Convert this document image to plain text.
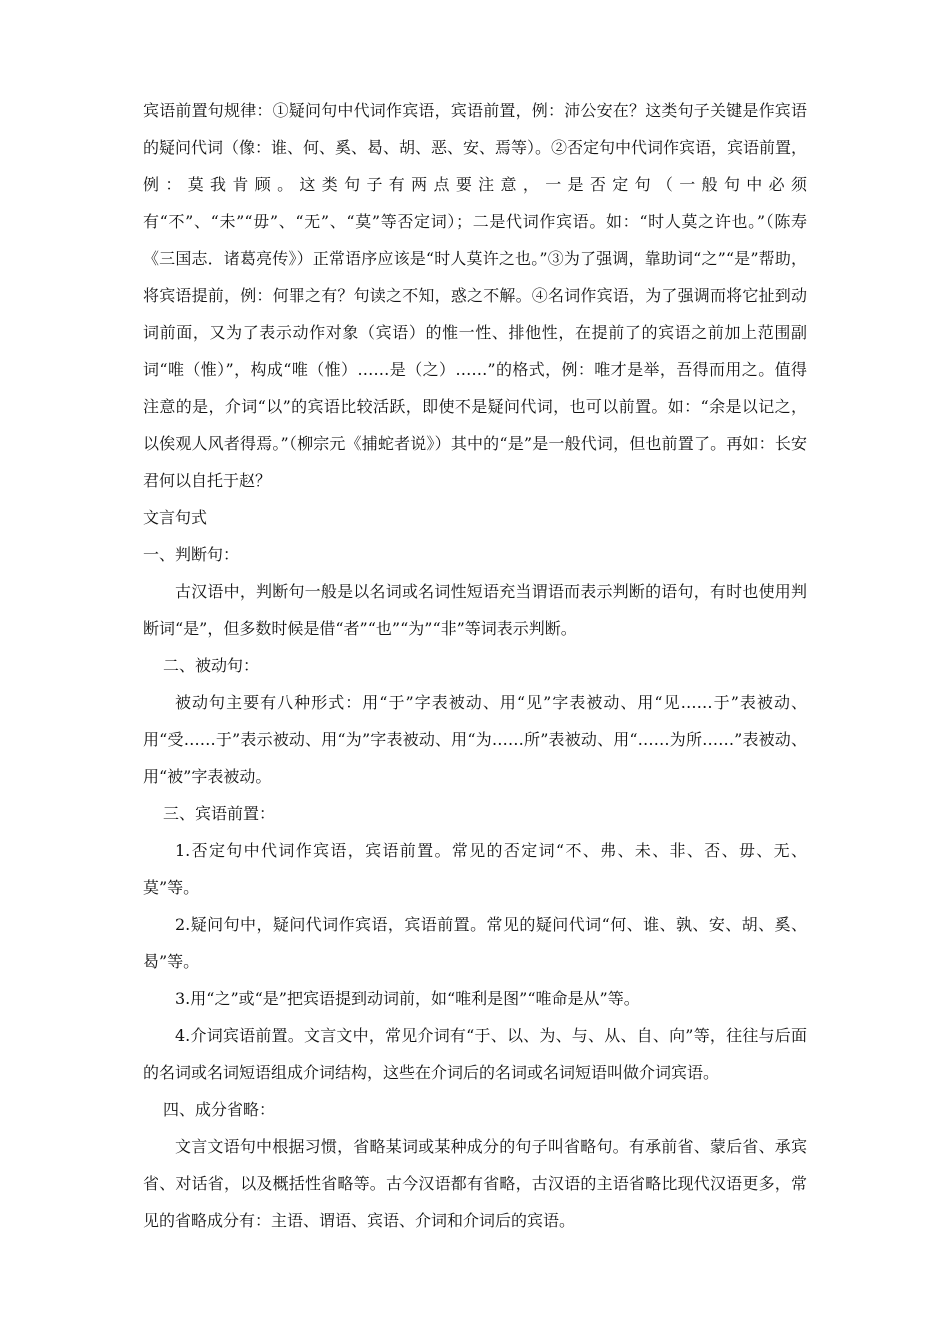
宾语前置句规律：①疑问句中代词作宾语，宾语前置，例：沛公安在？这类句子关键是作宾语的疑问代词（像：谁、何、奚、曷、胡、恶、安、焉等）。②否定句中代词作宾语，宾语前置，例：莫我肯顾。这类句子有两点要注意，一是否定句（一般句中必须有“不”、“未”“毋”、“无”、“莫”等否定词）；二是代词作宾语。如：“时人莫之许也。”（陈寿《三国志．诸葛亮传》）正常语序应该是“时人莫许之也。”③为了强调，靠助词“之”“是”帮助，将宾语提前，例：何罪之有？句读之不知，惑之不解。④名词作宾语，为了强调而将它扯到动词前面，又为了表示动作对象（宾语）的惟一性、排他性，在提前了的宾语之前加上范围副词“唯（惟）”，构成“唯（惟）……是（之）……”的格式，例：唯才是举，吾得而用之。值得注意的是，介词“以”的宾语比较活跃，即使不是疑问代词，也可以前置。如：“余是以记之，以俟观人风者得焉。”（柳宗元《捕蛇者说》）其中的“是”是一般代词，但也前置了。再如：长安君何以自托于赵？

文言句式

一、判断句：

古汉语中，判断句一般是以名词或名词性短语充当谓语而表示判断的语句，有时也使用判断词“是”，但多数时候是借“者”“也”“为”“非”等词表示判断。

二、被动句：

被动句主要有八种形式：用“于”字表被动、用“见”字表被动、用“见……于”表被动、用“受……于”表示被动、用“为”字表被动、用“为……所”表被动、用“……为所……”表被动、用“被”字表被动。

三、宾语前置：

1.否定句中代词作宾语，宾语前置。常见的否定词“不、弗、未、非、否、毋、无、莫”等。

2.疑问句中，疑问代词作宾语，宾语前置。常见的疑问代词“何、谁、孰、安、胡、奚、曷”等。

3.用“之”或“是”把宾语提到动词前，如“唯利是图”“唯命是从”等。

4.介词宾语前置。文言文中，常见介词有“于、以、为、与、从、自、向”等，往往与后面的名词或名词短语组成介词结构，这些在介词后的名词或名词短语叫做介词宾语。

四、成分省略：

文言文语句中根据习惯，省略某词或某种成分的句子叫省略句。有承前省、蒙后省、承宾省、对话省，以及概括性省略等。古今汉语都有省略，古汉语的主语省略比现代汉语更多，常见的省略成分有：主语、谓语、宾语、介词和介词后的宾语。
